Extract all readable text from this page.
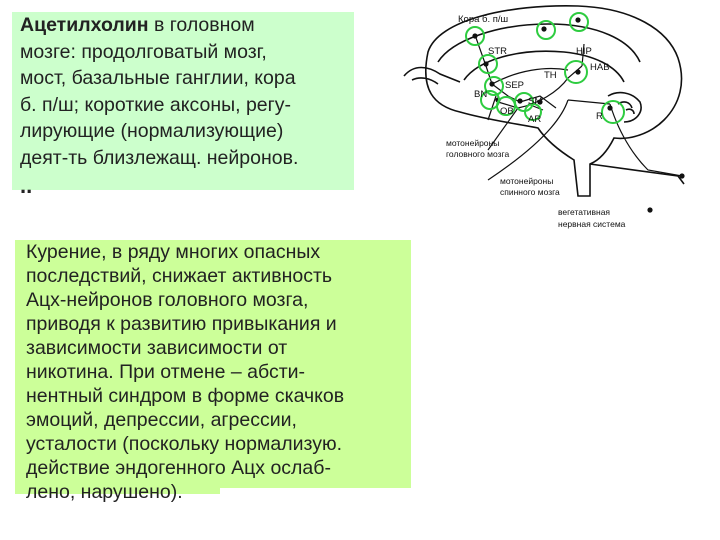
Ацетилхолин в головном
мозге: продолговатый мозг,
мост, базальные ганглии, кора
б. п/ш; короткие аксоны, регу-
лирующие (нормализующие)
деят-ть близлежащ. нейронов.

..

Курение, в ряду многих опасных
последствий, снижает активность
Ацх-нейронов головного мозга,
приводя к развитию привыкания и
зависимости зависимости от
никотина. При отмене – абсти-
нентный синдром в форме скачков
эмоций, депрессии, агрессии,
усталости (поскольку нормализую.
действие эндогенного Ацх ослаб-
лено, нарушено).

Кора б. п/ш
STR	HIP
HAB
TH
SEP
BN
SM
OB
AR	R
мотонейроны
головного мозга
мотонейроны
спинного мозга
вегетативная
нервная система
